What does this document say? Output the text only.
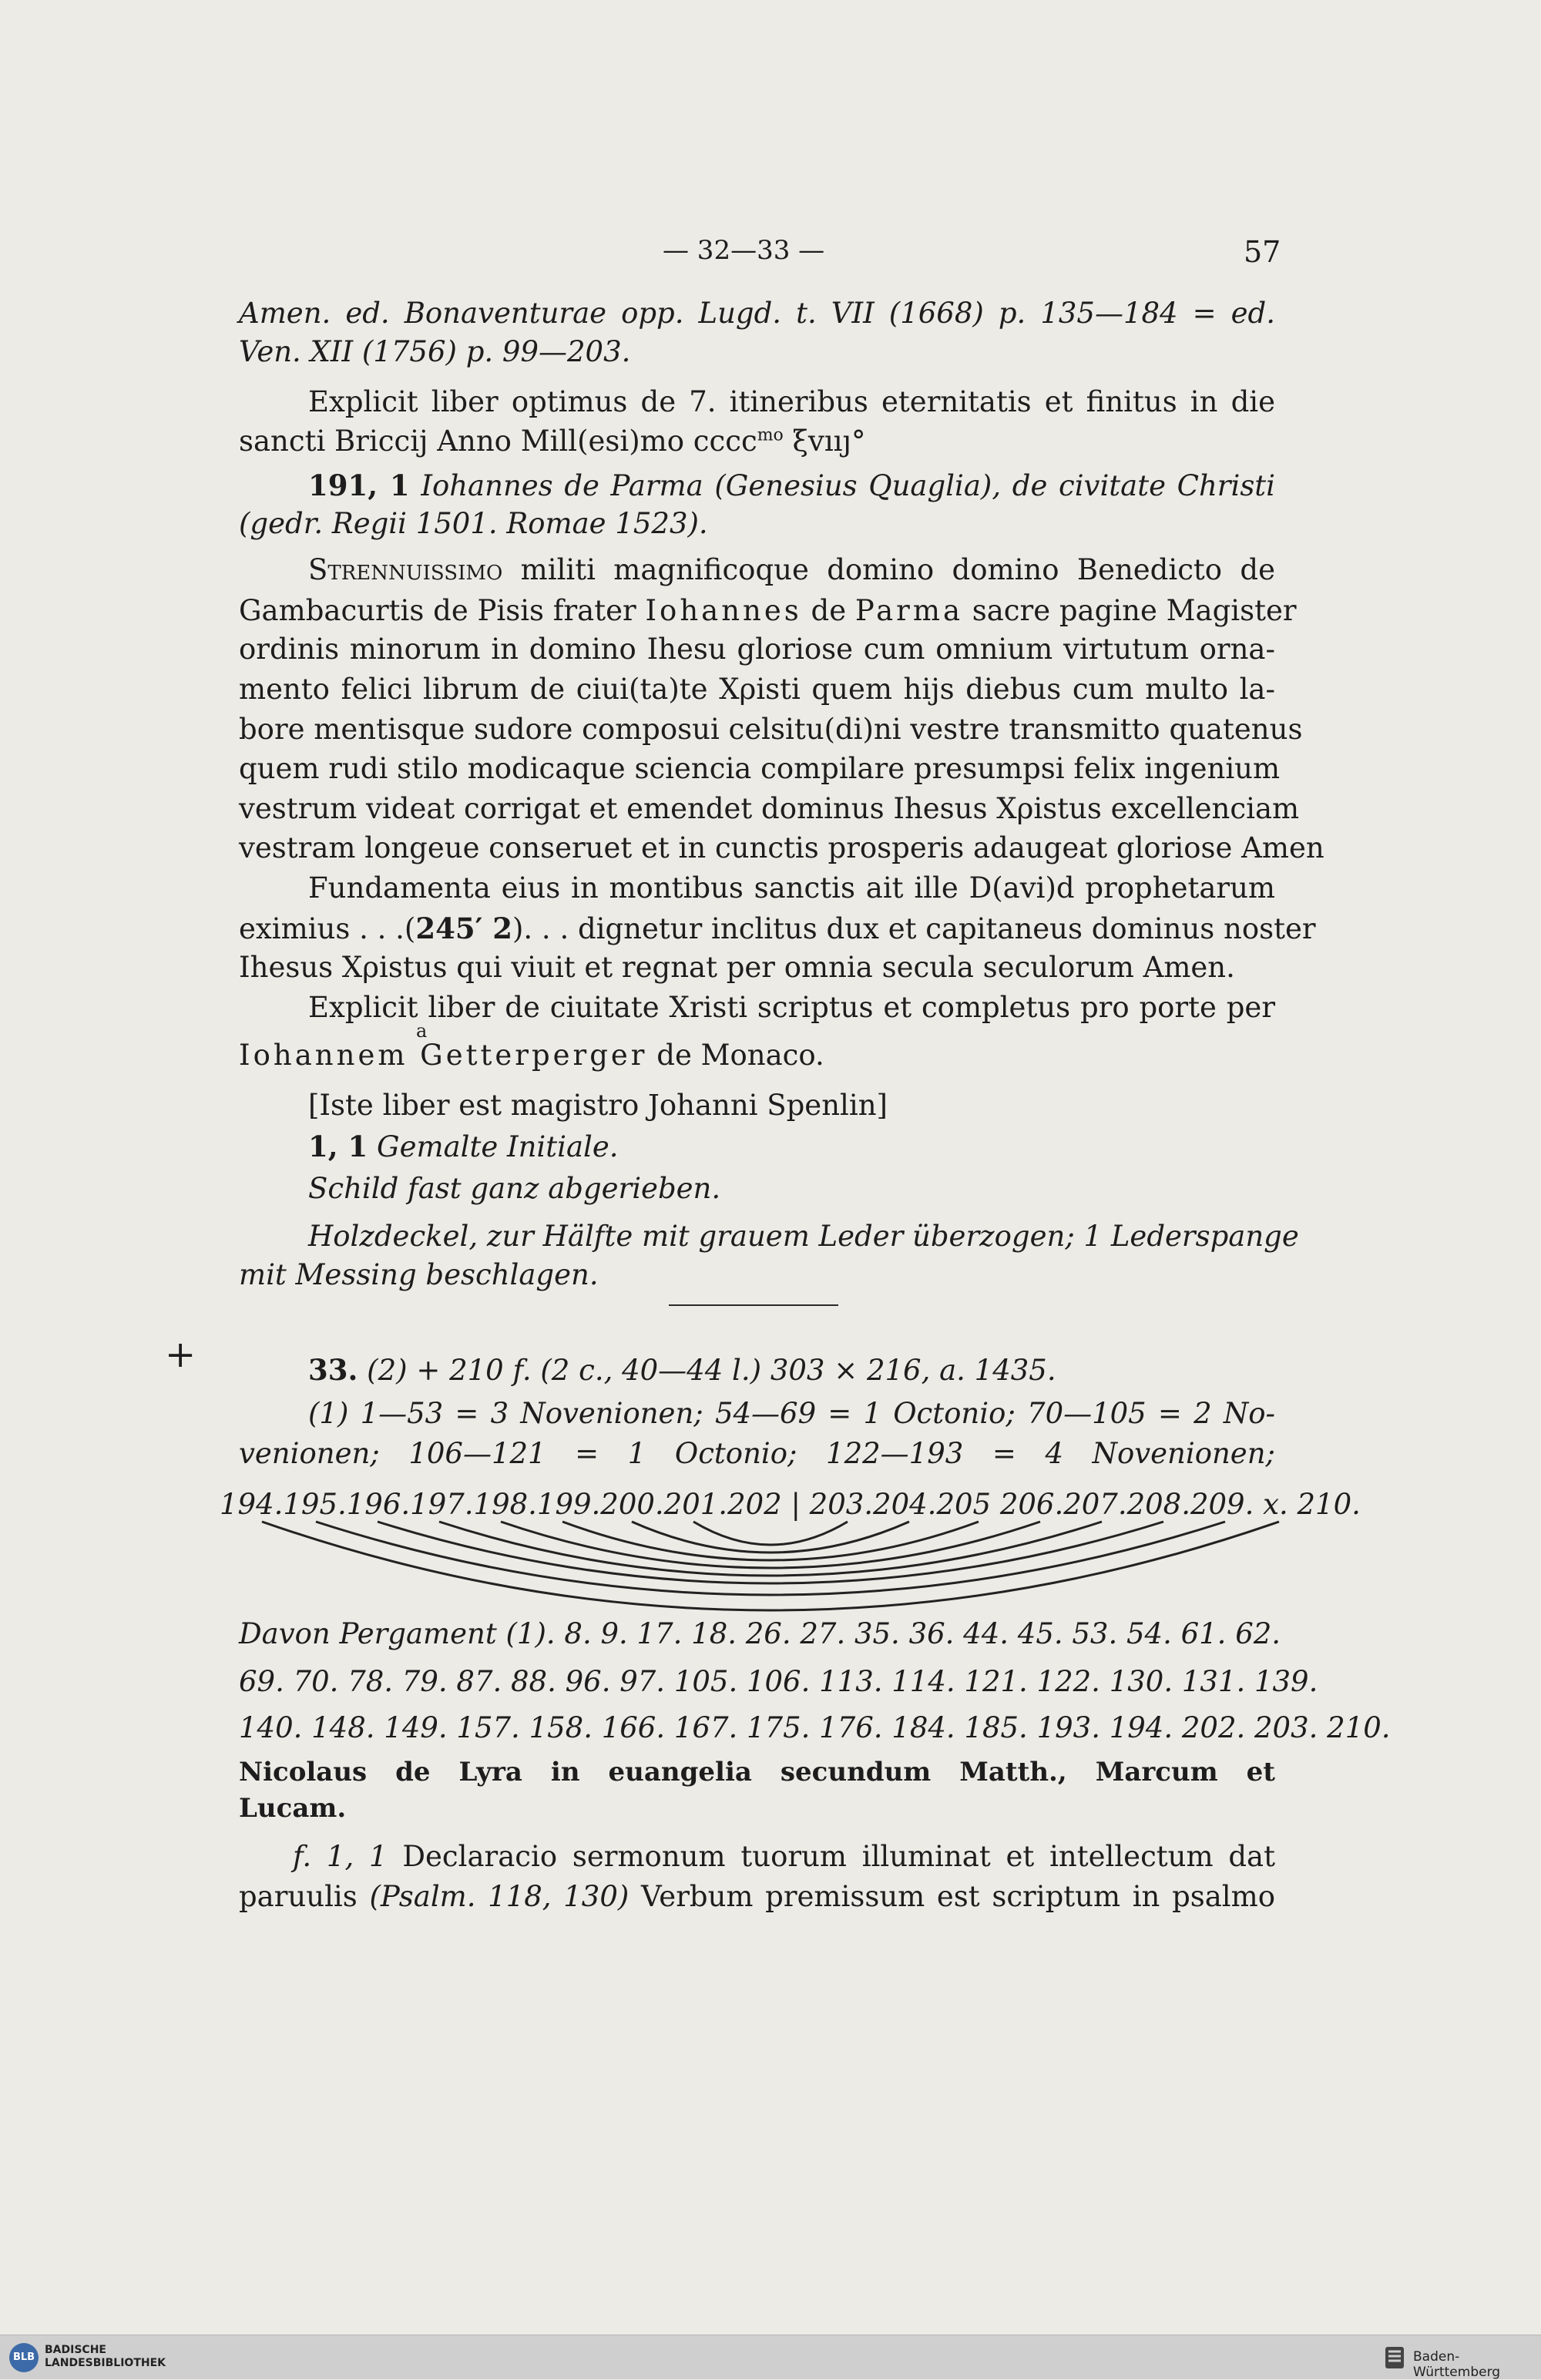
— 32—33 —	57
Amen. ed. Bonaventurae opp. Lugd. t. VII (1668) p. 135—184 = ed.
Ven. XII (1756) p. 99—203.
Explicit liber optimus de 7. itineribus eternitatis et finitus in die
sancti Briccij Anno Mill(esi)mo cccc$^{mo}$ ξvııȷ°
191, 1 Iohannes de Parma (Genesius Quaglia), de civitate Christi
(gedr. Regii 1501. Romae 1523).
Strennuissimo militi magnificoque domino domino Benedicto de
Gambacurtis de Pisis frater Iohannes de Parma sacre pagine Magister
ordinis minorum in domino Ihesu gloriose cum omnium virtutum orna-
mento felici librum de ciui(ta)te Xρisti quem hijs diebus cum multo la-
bore mentisque sudore composui celsitu(di)ni vestre transmitto quatenus
quem rudi stilo modicaque sciencia compilare presumpsi felix ingenium
vestrum videat corrigat et emendet dominus Ihesus Xρistus excellenciam
vestram longeue conseruet et in cunctis prosperis adaugeat gloriose Amen
Fundamenta eius in montibus sanctis ait ille D(avi)d prophetarum
eximius . . .(245′ 2). . . dignetur inclitus dux et capitaneus dominus noster
Ihesus Xρistus qui viuit et regnat per omnia secula seculorum Amen.
Explicit liber de ciuitate Xristi scriptus et completus pro porte per
a
Iohannem Getterperger de Monaco.
[Iste liber est magistro Johanni Spenlin]
1, 1 Gemalte Initiale.
Schild fast ganz abgerieben.
Holzdeckel, zur Hälfte mit grauem Leder überzogen; 1 Lederspange
mit Messing beschlagen.
+	33. (2) + 210 f. (2 c., 40—44 l.) 303 × 216, a. 1435.
(1) 1—53 = 3 Novenionen; 54—69 = 1 Octonio; 70—105 = 2 No-
venionen; 106—121 = 1 Octonio; 122—193 = 4 Novenionen;
194.195.196.197.198.199.200.201.202 | 203.204.205 206.207.208.209. x. 210.
Davon Pergament (1). 8. 9. 17. 18. 26. 27. 35. 36. 44. 45. 53. 54. 61. 62.
69. 70. 78. 79. 87. 88. 96. 97. 105. 106. 113. 114. 121. 122. 130. 131. 139.
140. 148. 149. 157. 158. 166. 167. 175. 176. 184. 185. 193. 194. 202. 203. 210.
Nicolaus de Lyra in euangelia secundum Matth., Marcum et
Lucam.
f. 1, 1 Declaracio sermonum tuorum illuminat et intellectum dat
paruulis (Psalm. 118, 130) Verbum premissum est scriptum in psalmo
BLB
BADISCHE
LANDESBIBLIOTHEK	Baden-Württemberg
